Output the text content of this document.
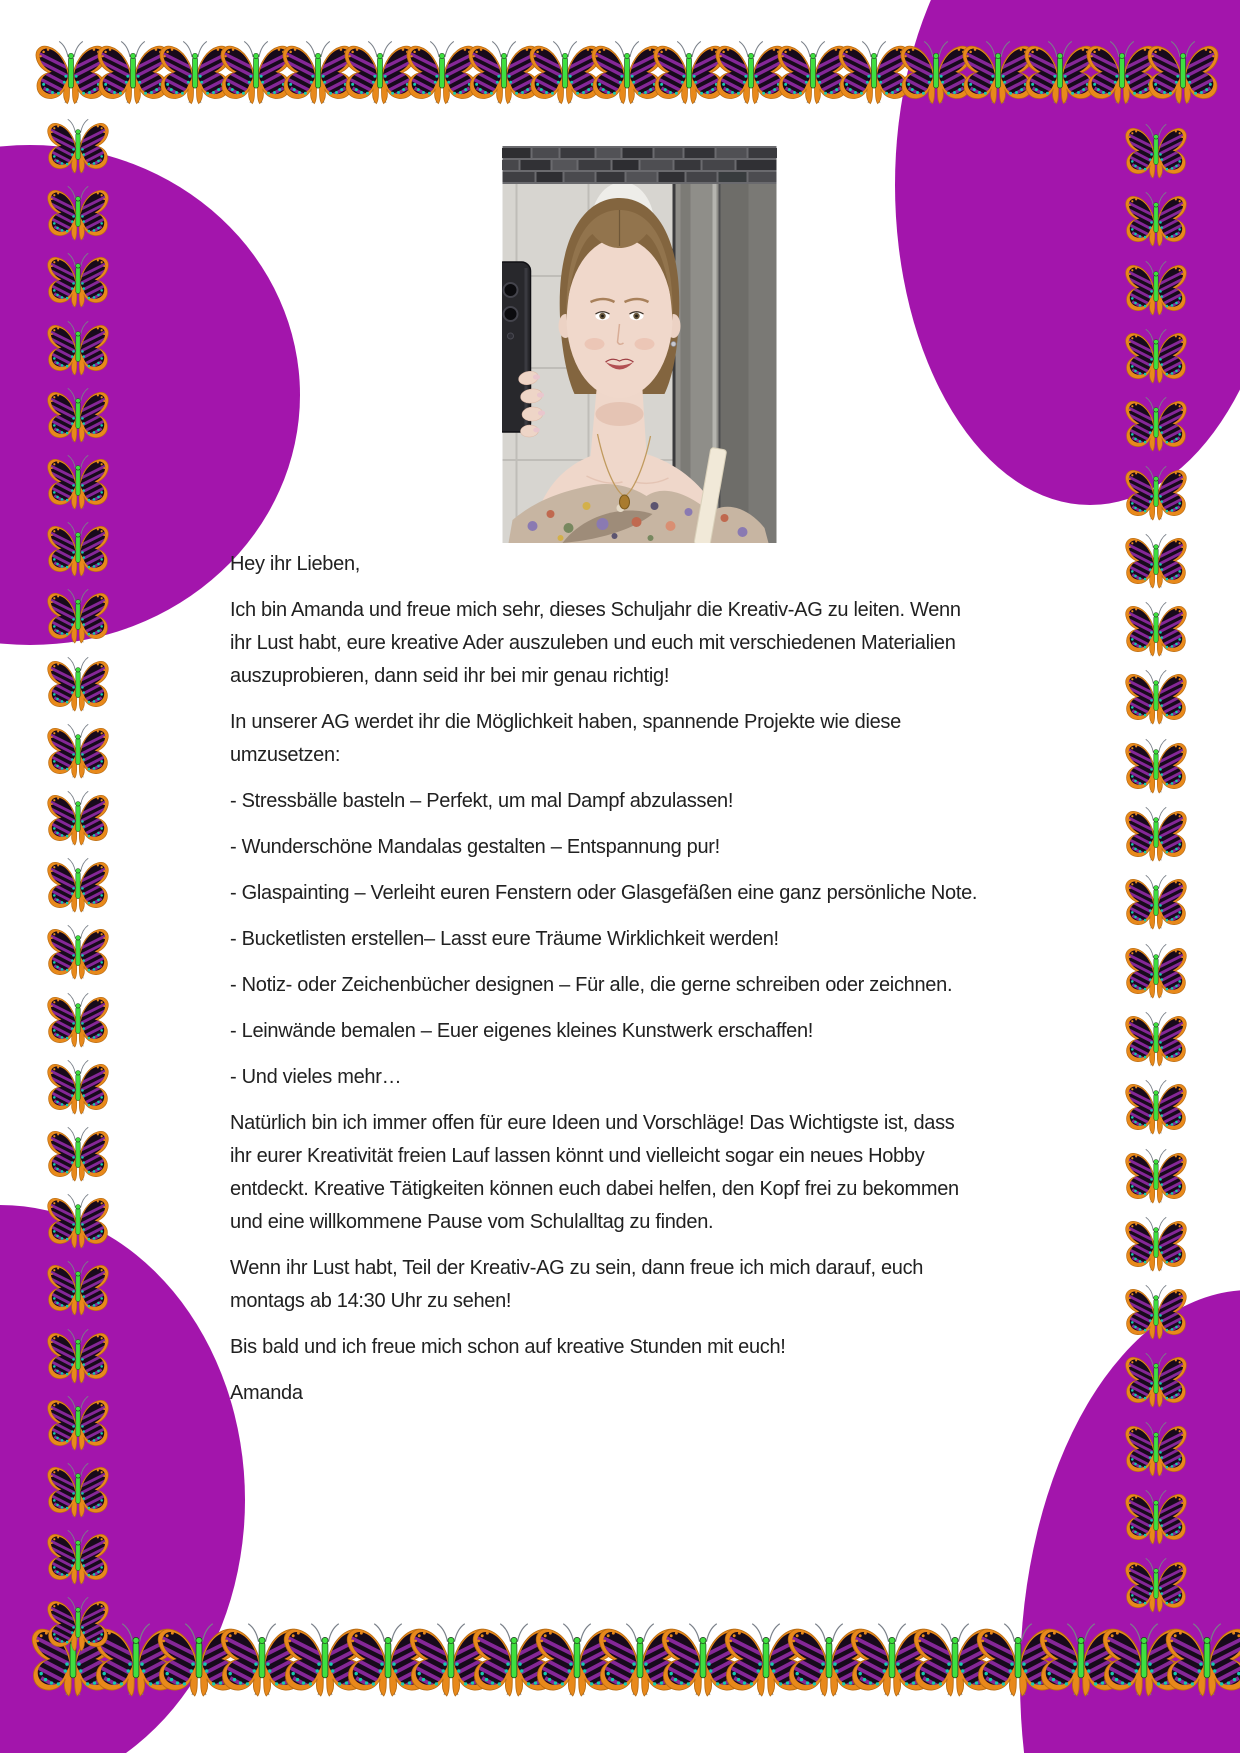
Hey ihr Lieben,
Ich bin Amanda und freue mich sehr, dieses Schuljahr die Kreativ-AG zu leiten. Wenn
ihr Lust habt, eure kreative Ader auszuleben und euch mit verschiedenen Materialien
auszuprobieren, dann seid ihr bei mir genau richtig!
In unserer AG werdet ihr die Möglichkeit haben, spannende Projekte wie diese
umzusetzen:
- Stressbälle basteln – Perfekt, um mal Dampf abzulassen!
- Wunderschöne Mandalas gestalten – Entspannung pur!
- Glaspainting – Verleiht euren Fenstern oder Glasgefäßen eine ganz persönliche Note.
- Bucketlisten erstellen– Lasst eure Träume Wirklichkeit werden!
- Notiz- oder Zeichenbücher designen – Für alle, die gerne schreiben oder zeichnen.
- Leinwände bemalen – Euer eigenes kleines Kunstwerk erschaffen!
- Und vieles mehr…
Natürlich bin ich immer offen für eure Ideen und Vorschläge! Das Wichtigste ist, dass
ihr eurer Kreativität freien Lauf lassen könnt und vielleicht sogar ein neues Hobby
entdeckt. Kreative Tätigkeiten können euch dabei helfen, den Kopf frei zu bekommen
und eine willkommene Pause vom Schulalltag zu finden.
Wenn ihr Lust habt, Teil der Kreativ-AG zu sein, dann freue ich mich darauf, euch
montags ab 14:30 Uhr zu sehen!
Bis bald und ich freue mich schon auf kreative Stunden mit euch!
Amanda
